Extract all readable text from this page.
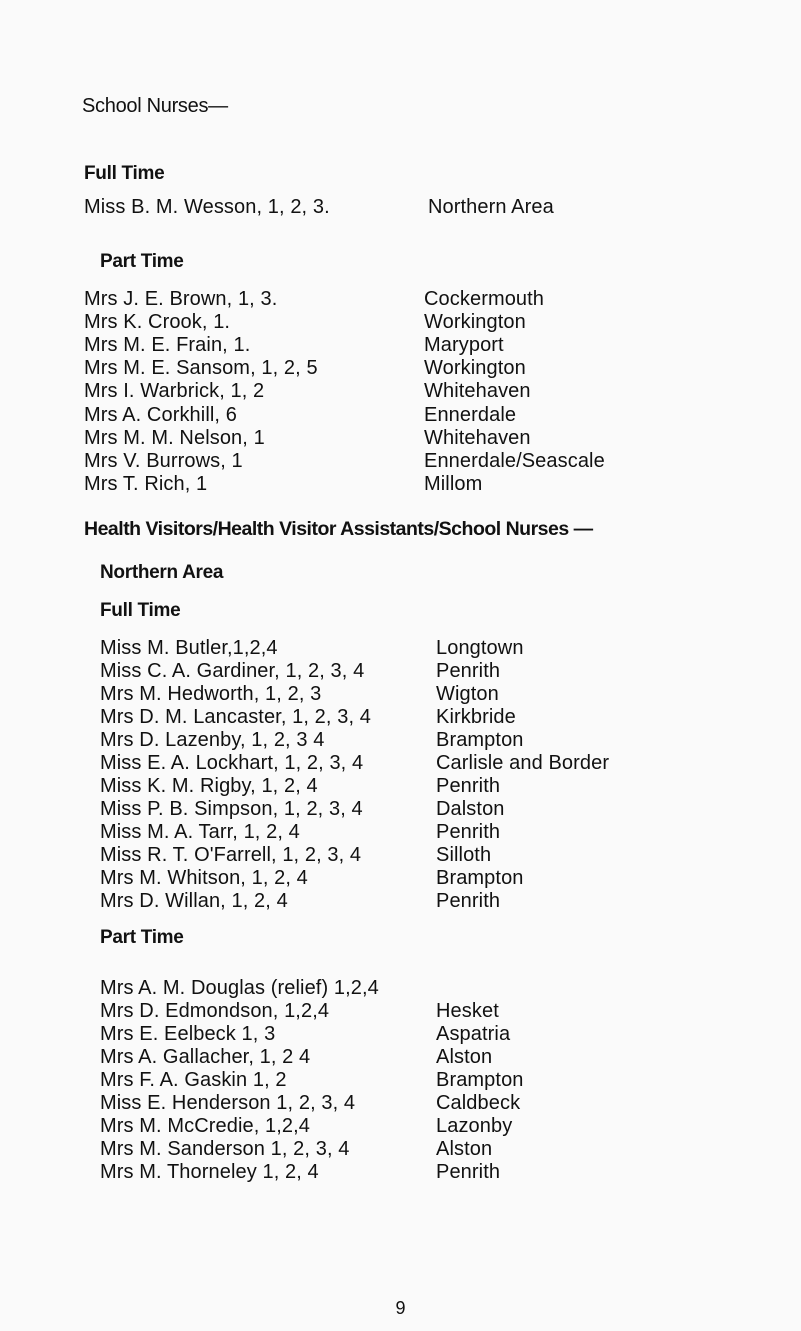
School Nurses—
Full Time
Miss B. M. Wesson, 1, 2, 3.	Northern Area
Part Time
Mrs J. E. Brown, 1, 3.	Cockermouth
Mrs K. Crook, 1.	Workington
Mrs M. E. Frain, 1.	Maryport
Mrs M. E. Sansom, 1, 2, 5	Workington
Mrs I. Warbrick, 1, 2	Whitehaven
Mrs A. Corkhill, 6	Ennerdale
Mrs M. M. Nelson, 1	Whitehaven
Mrs V. Burrows, 1	Ennerdale/Seascale
Mrs T. Rich, 1	Millom
Health Visitors/Health Visitor Assistants/School Nurses —
Northern Area
Full Time
Miss M. Butler,1,2,4	Longtown
Miss C. A. Gardiner, 1, 2, 3, 4	Penrith
Mrs M. Hedworth, 1, 2, 3	Wigton
Mrs D. M. Lancaster, 1, 2, 3, 4	Kirkbride
Mrs D. Lazenby, 1, 2, 3 4	Brampton
Miss E. A. Lockhart, 1, 2, 3, 4	Carlisle and Border
Miss K. M. Rigby, 1, 2, 4	Penrith
Miss P. B. Simpson, 1, 2, 3, 4	Dalston
Miss M. A. Tarr, 1, 2, 4	Penrith
Miss R. T. O'Farrell, 1, 2, 3, 4	Silloth
Mrs M. Whitson, 1, 2, 4	Brampton
Mrs D. Willan, 1, 2, 4	Penrith
Part Time
Mrs A. M. Douglas (relief) 1,2,4
Mrs D. Edmondson, 1,2,4	Hesket
Mrs E. Eelbeck 1, 3	Aspatria
Mrs A. Gallacher, 1, 2 4	Alston
Mrs F. A. Gaskin 1, 2	Brampton
Miss E. Henderson 1, 2, 3, 4	Caldbeck
Mrs M. McCredie, 1,2,4	Lazonby
Mrs M. Sanderson 1, 2, 3, 4	Alston
Mrs M. Thorneley 1, 2, 4	Penrith
9
